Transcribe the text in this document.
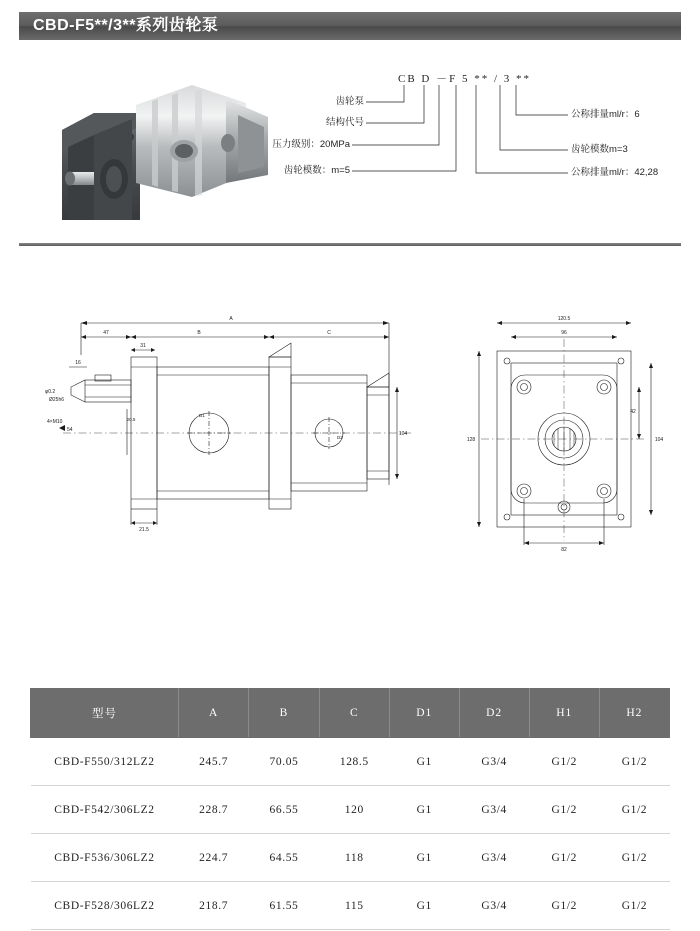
CBD-F5**/3**系列齿轮泵
CB D －F 5 ** / 3 **
齿轮泵
结构代号
压力级别：20MPa
齿轮模数：m=5
公称排量ml/r：6
齿轮模数m=3
公称排量ml/r：42,28
A
47	B	C
31
16
φ0.2
Ø25h6
4×M10
54
D1
D2
104
20.5
21.5
120.5
96
128	104
42
82
型号	A	B	C	D1	D2	H1	H2
CBD-F550/312LZ2	245.7	70.05	128.5	G1	G3/4	G1/2	G1/2
CBD-F542/306LZ2	228.7	66.55	120	G1	G3/4	G1/2	G1/2
CBD-F536/306LZ2	224.7	64.55	118	G1	G3/4	G1/2	G1/2
CBD-F528/306LZ2	218.7	61.55	115	G1	G3/4	G1/2	G1/2
